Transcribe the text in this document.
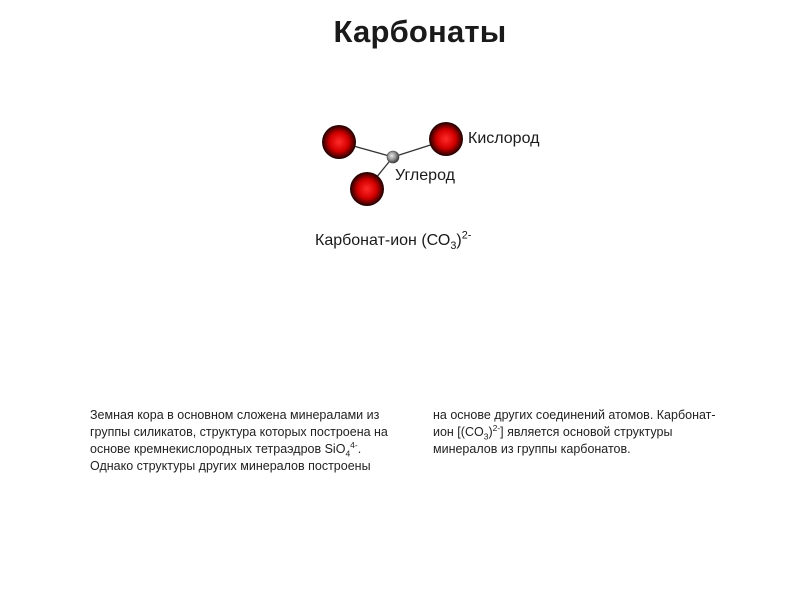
Карбонаты
Кислород
Углерод
Карбонат-ион $(СО_3)^{2-}$

Земная кора в основном сложена минералами из

группы силикатов, структура которых построена на

основе кремнекислородных тетраэдров SiO$_4^{4-}$.

Однако структуры других минералов построены

на основе других соединений атомов. Карбонат-

ион $[(CO_3)^{2-}]$ является основой структуры

минералов из группы карбонатов.
